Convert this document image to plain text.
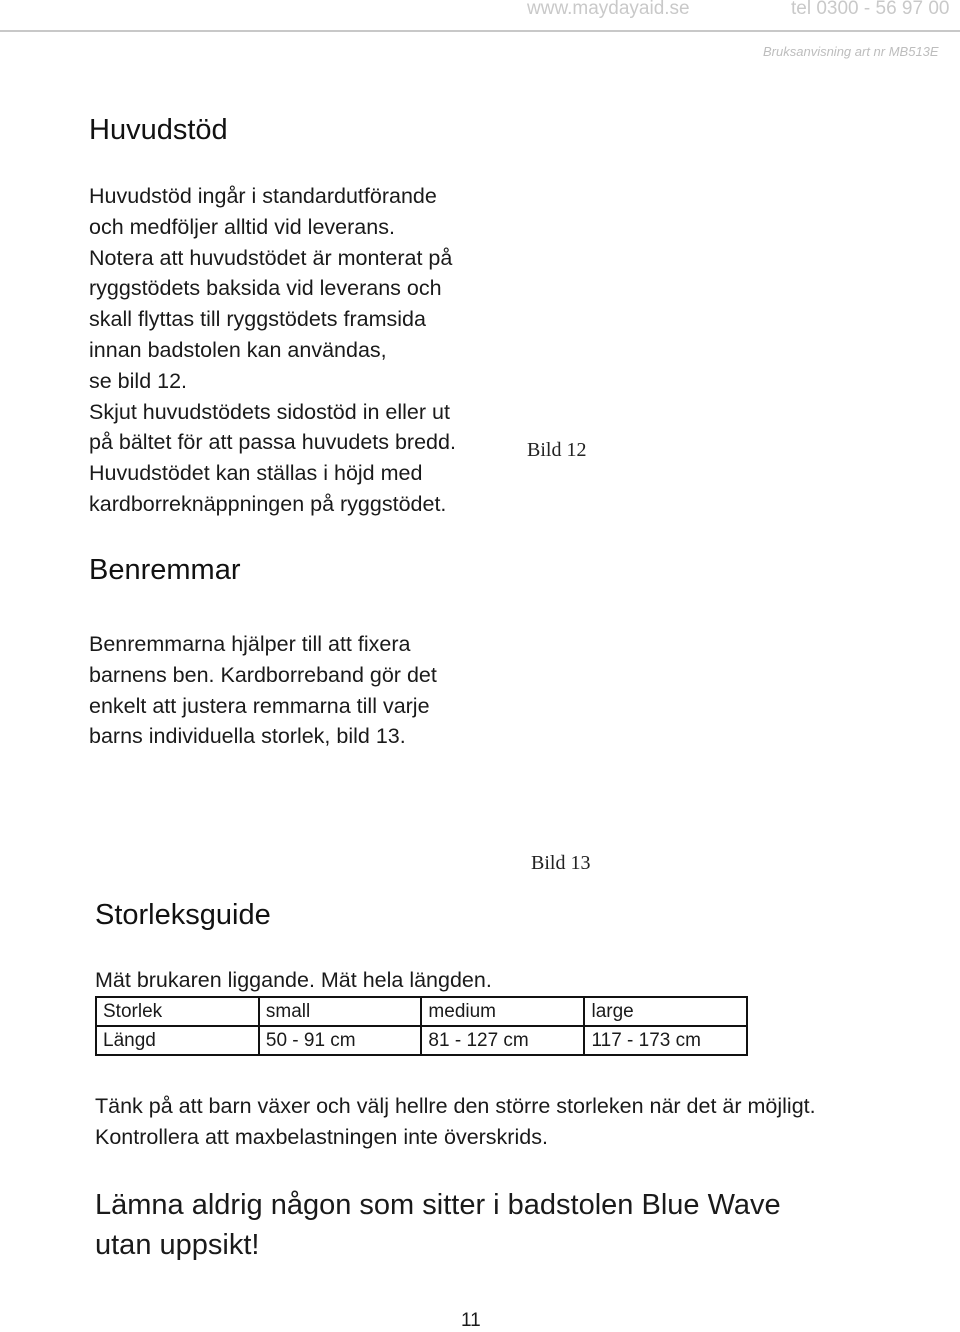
www.maydayaid.se	tel 0300 - 56 97 00
Bruksanvisning art nr MB513E
Huvudstöd
Huvudstöd ingår i standardutförande
och medföljer alltid vid leverans.
Notera att huvudstödet är monterat på
ryggstödets baksida vid leverans och
skall flyttas till ryggstödets framsida
innan badstolen kan användas,
se bild 12.
Skjut huvudstödets sidostöd in eller ut
på bältet för att passa huvudets bredd.
Huvudstödet kan ställas i höjd med
kardborreknäppningen på ryggstödet.
Bild 12
Benremmar
Benremmarna hjälper till att fixera
barnens ben. Kardborreband gör det
enkelt att justera remmarna till varje
barns individuella storlek, bild 13.
Bild 13
Storleksguide
Mät brukaren liggande. Mät hela längden.
Storlek	small	medium	large
Längd	50 - 91 cm	81 - 127 cm	117 - 173 cm
Tänk på att barn växer och välj hellre den större storleken när det är möjligt.
Kontrollera att maxbelastningen inte överskrids.
Lämna aldrig någon som sitter i badstolen Blue Wave
utan uppsikt!
11
